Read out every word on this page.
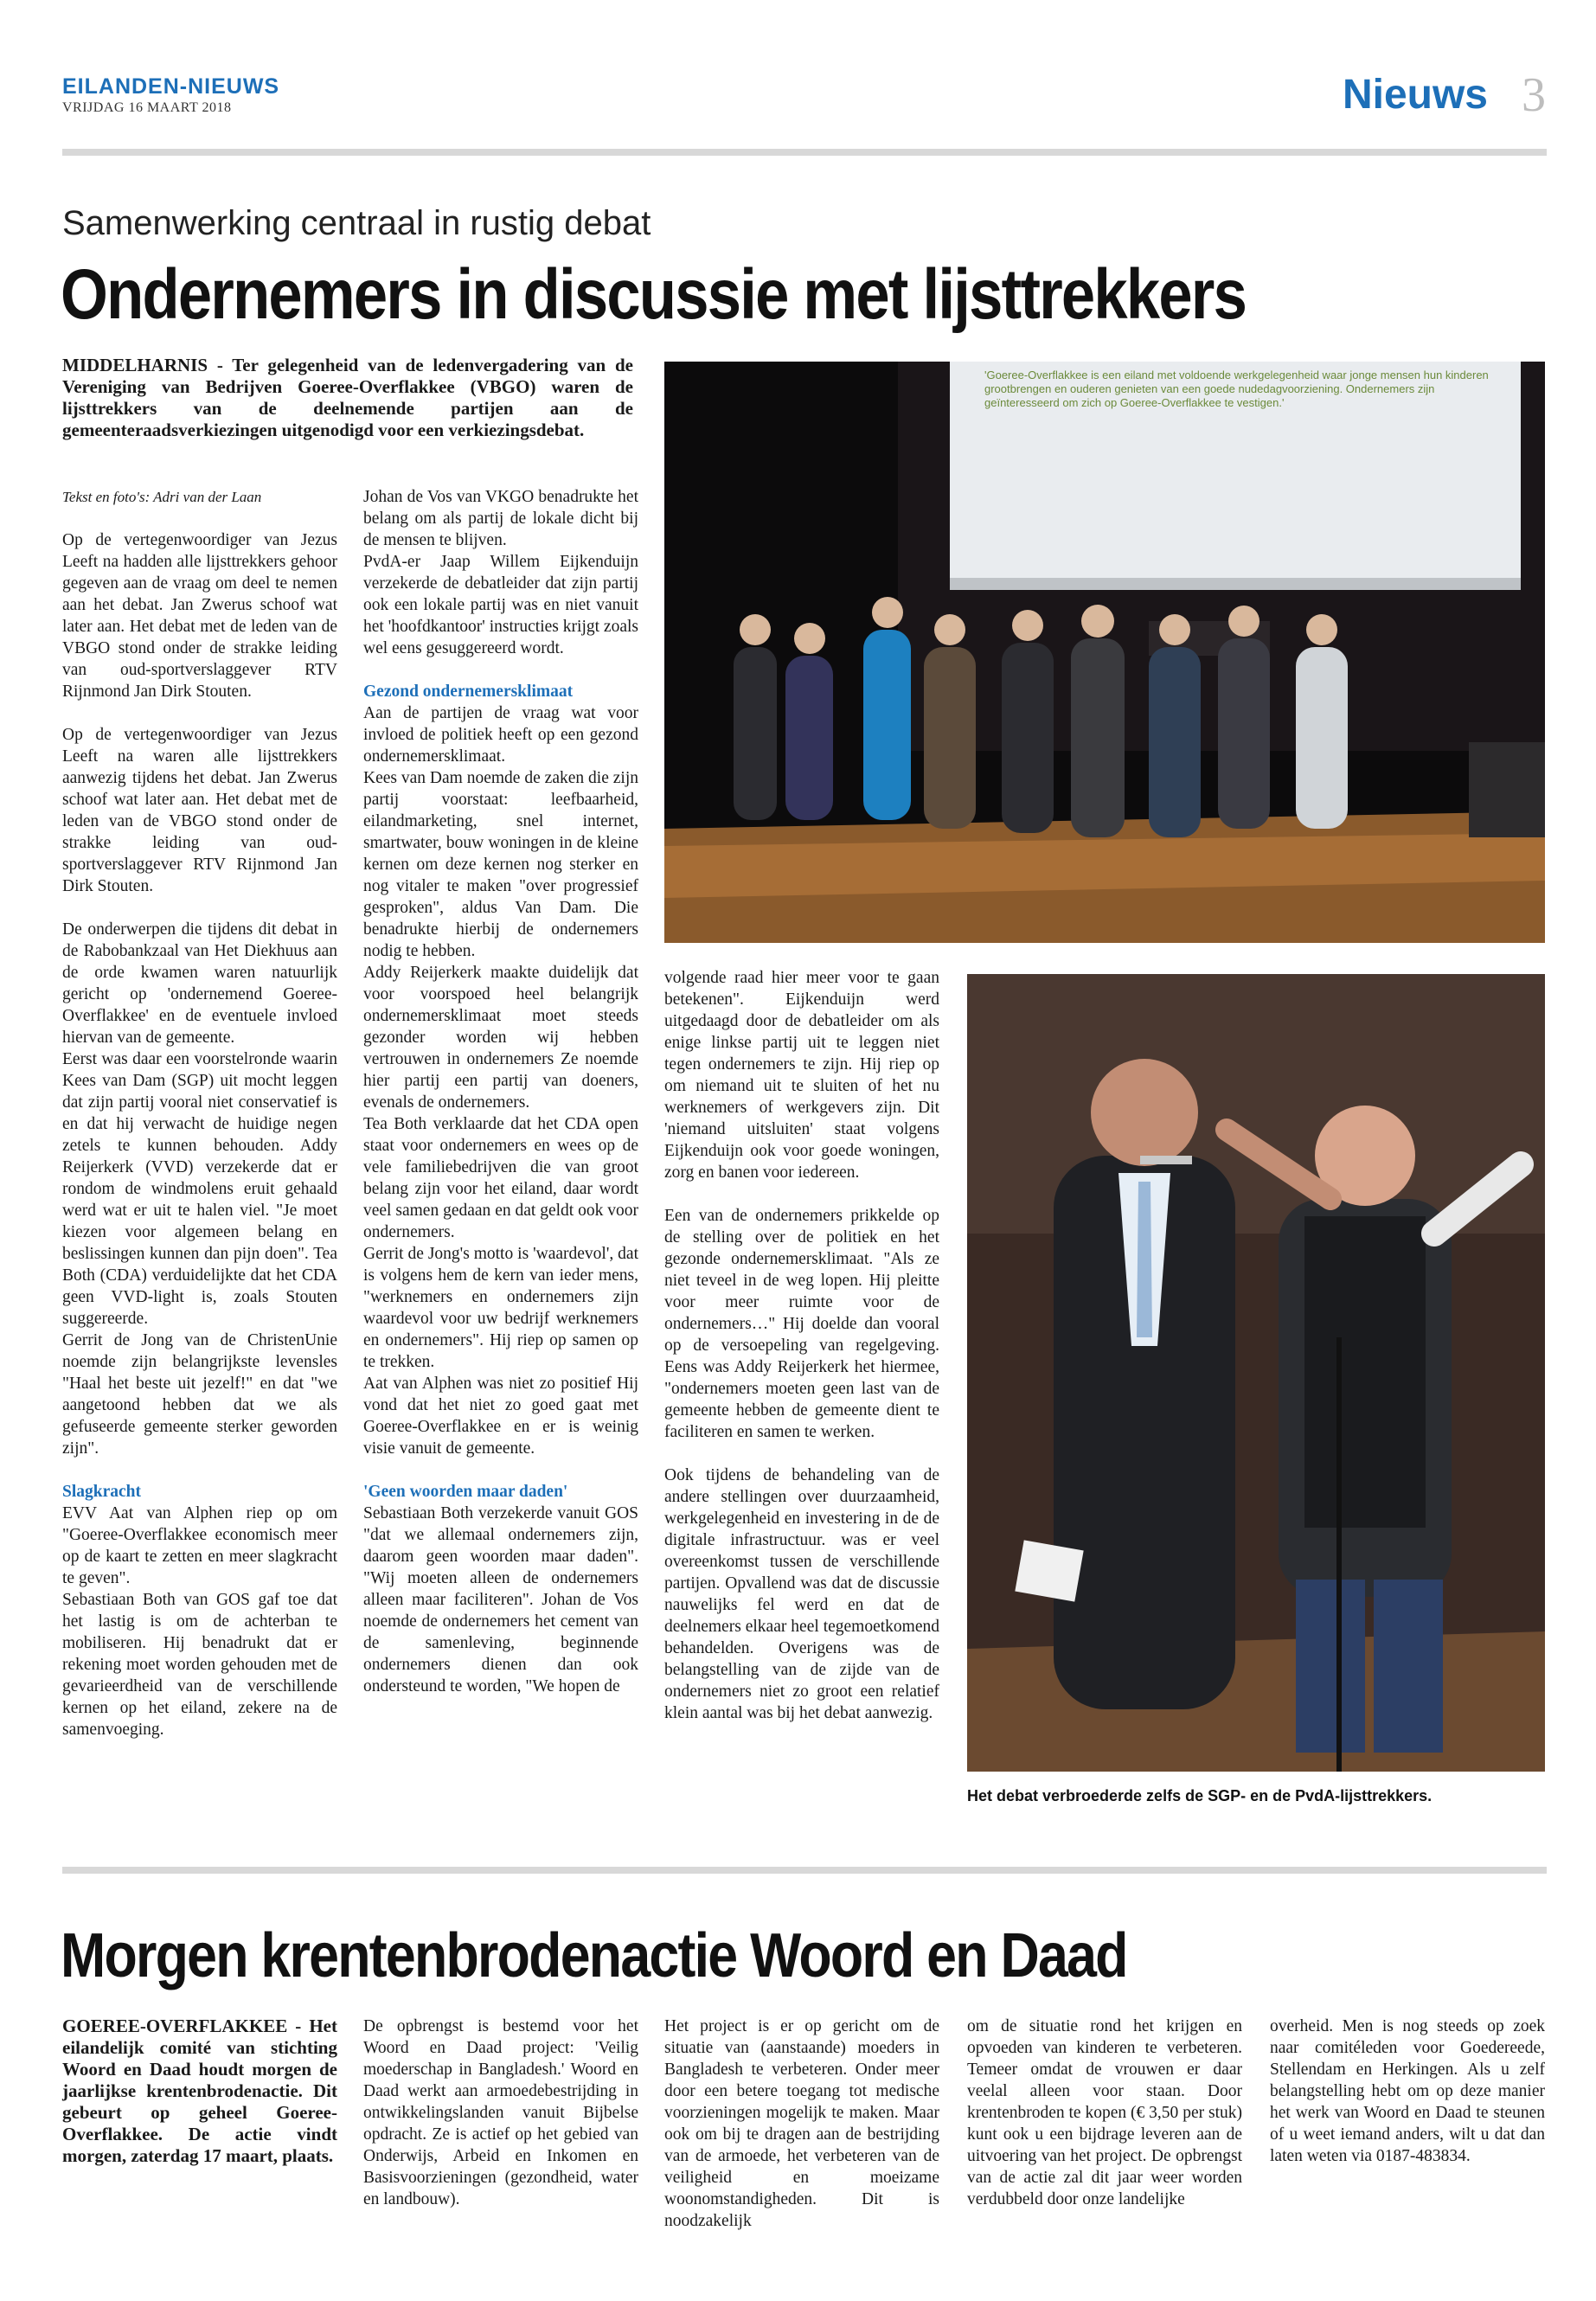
EILANDEN-NIEUWS
VRIJDAG 16 MAART 2018	Nieuws 3
Samenwerking centraal in rustig debat
Ondernemers in discussie met lijsttrekkers
MIDDELHARNIS - Ter gelegenheid van de ledenvergadering van de Vereniging van Bedrijven Goeree-Overflakkee (VBGO) waren de lijsttrekkers van de deelnemende partijen aan de gemeenteraadsverkiezingen uitgenodigd voor een verkiezingsdebat.

Tekst en foto's: Adri van der Laan

Op de vertegenwoordiger van Jezus Leeft na hadden alle lijsttrekkers gehoor gegeven aan de vraag om deel te nemen aan het debat. Jan Zwerus schoof wat later aan. Het debat met de leden van de VBGO stond onder de strakke leiding van oud-sportverslaggever RTV Rijnmond Jan Dirk Stouten.

Op de vertegenwoordiger van Jezus Leeft na waren alle lijsttrekkers aanwezig tijdens het debat. Jan Zwerus schoof wat later aan. Het debat met de leden van de VBGO stond onder de strakke leiding van oud-sportverslaggever RTV Rijnmond Jan Dirk Stouten.

De onderwerpen die tijdens dit debat in de Rabobankzaal van Het Diekhuus aan de orde kwamen waren natuurlijk gericht op 'ondernemend Goeree-Overflakkee' en de eventuele invloed hiervan van de gemeente.

Eerst was daar een voorstelronde waarin Kees van Dam (SGP) uit mocht leggen dat zijn partij vooral niet conservatief is en dat hij verwacht de huidige negen zetels te kunnen behouden. Addy Reijerkerk (VVD) verzekerde dat er rondom de windmolens eruit gehaald werd wat er uit te halen viel. "Je moet kiezen voor algemeen belang en beslissingen kunnen dan pijn doen". Tea Both (CDA) verduidelijkte dat het CDA geen VVD-light is, zoals Stouten suggereerde.

Gerrit de Jong van de ChristenUnie noemde zijn belangrijkste levensles "Haal het beste uit jezelf!" en dat "we aangetoond hebben dat we als gefuseerde gemeente sterker geworden zijn".

Slagkracht

EVV Aat van Alphen riep op om "Goeree-Overflakkee economisch meer op de kaart te zetten en meer slagkracht te geven".

Sebastiaan Both van GOS gaf toe dat het lastig is om de achterban te mobiliseren. Hij benadrukt dat er rekening moet worden gehouden met de gevarieerdheid van de verschillende kernen op het eiland, zekere na de samenvoeging.

Johan de Vos van VKGO benadrukte het belang om als partij de lokale dicht bij de mensen te blijven.

PvdA-er Jaap Willem Eijkenduijn verzekerde de debatleider dat zijn partij ook een lokale partij was en niet vanuit het 'hoofdkantoor' instructies krijgt zoals wel eens gesuggereerd wordt.

Gezond ondernemersklimaat

Aan de partijen de vraag wat voor invloed de politiek heeft op een gezond ondernemersklimaat.

Kees van Dam noemde de zaken die zijn partij voorstaat: leefbaarheid, eilandmarketing, snel internet, smartwater, bouw woningen in de kleine kernen om deze kernen nog sterker en nog vitaler te maken "over progressief gesproken", aldus Van Dam. Die benadrukte hierbij de ondernemers nodig te hebben.

Addy Reijerkerk maakte duidelijk dat voor voorspoed heel belangrijk ondernemersklimaat moet steeds gezonder worden wij hebben vertrouwen in ondernemers Ze noemde hier partij een partij van doeners, evenals de ondernemers.

Tea Both verklaarde dat het CDA open staat voor ondernemers en wees op de vele familiebedrijven die van groot belang zijn voor het eiland, daar wordt veel samen gedaan en dat geldt ook voor ondernemers.

Gerrit de Jong's motto is 'waardevol', dat is volgens hem de kern van ieder mens, "werknemers en ondernemers zijn waardevol voor uw bedrijf werknemers en ondernemers". Hij riep op samen op te trekken.

Aat van Alphen was niet zo positief Hij vond dat het niet zo goed gaat met Goeree-Overflakkee en er is weinig visie vanuit de gemeente.

'Geen woorden maar daden'

Sebastiaan Both verzekerde vanuit GOS "dat we allemaal ondernemers zijn, daarom geen woorden maar daden". "Wij moeten alleen de ondernemers alleen maar faciliteren". Johan de Vos noemde de ondernemers het cement van de samenleving, beginnende ondernemers dienen dan ook ondersteund te worden, "We hopen de

'Goeree-Overflakkee is een eiland met voldoende werkgelegenheid waar jonge mensen hun kinderen grootbrengen en ouderen genieten van een goede nudedagvoorziening. Ondernemers zijn geïnteresseerd om zich op Goeree-Overflakkee te vestigen.'

volgende raad hier meer voor te gaan betekenen". Eijkenduijn werd uitgedaagd door de debatleider om als enige linkse partij uit te leggen niet tegen ondernemers te zijn. Hij riep op om niemand uit te sluiten of het nu werknemers of werkgevers zijn. Dit 'niemand uitsluiten' staat volgens Eijkenduijn ook voor goede woningen, zorg en banen voor iedereen.

Een van de ondernemers prikkelde op de stelling over de politiek en het gezonde ondernemersklimaat. "Als ze niet teveel in de weg lopen. Hij pleitte voor meer ruimte voor de ondernemers…" Hij doelde dan vooral op de versoepeling van regelgeving. Eens was Addy Reijerkerk het hiermee, "ondernemers moeten geen last van de gemeente hebben de gemeente dient te faciliteren en samen te werken.

Ook tijdens de behandeling van de andere stellingen over duurzaamheid, werkgelegenheid en investering in de de digitale infrastructuur. was er veel overeenkomst tussen de verschillende partijen. Opvallend was dat de discussie nauwelijks fel werd en dat de deelnemers elkaar heel tegemoetkomend behandelden. Overigens was de belangstelling van de zijde van de ondernemers niet zo groot een relatief klein aantal was bij het debat aanwezig.

Het debat verbroederde zelfs de SGP- en de PvdA-lijsttrekkers.
Morgen krentenbrodenactie Woord en Daad
GOEREE-OVERFLAKKEE - Het eilandelijk comité van stichting Woord en Daad houdt morgen de jaarlijkse krentenbrodenactie. Dit gebeurt op geheel Goeree-Overflakkee. De actie vindt morgen, zaterdag 17 maart, plaats.

De opbrengst is bestemd voor het Woord en Daad project: 'Veilig moederschap in Bangladesh.' Woord en Daad werkt aan armoedebestrijding in ontwikkelingslanden vanuit Bijbelse opdracht. Ze is actief op het gebied van Onderwijs, Arbeid en Inkomen en Basisvoorzieningen (gezondheid, water en landbouw).

Het project is er op gericht om de situatie van (aanstaande) moeders in Bangladesh te verbeteren. Onder meer door een betere toegang tot medische voorzieningen mogelijk te maken. Maar ook om bij te dragen aan de bestrijding van de armoede, het verbeteren van de veiligheid en moeizame woonomstandigheden. Dit is noodzakelijk

om de situatie rond het krijgen en opvoeden van kinderen te verbeteren. Temeer omdat de vrouwen er daar veelal alleen voor staan. Door krentenbroden te kopen (€ 3,50 per stuk) kunt ook u een bijdrage leveren aan de uitvoering van het project. De opbrengst van de actie zal dit jaar weer worden verdubbeld door onze landelijke

overheid. Men is nog steeds op zoek naar comitéleden voor Goedereede, Stellendam en Herkingen. Als u zelf belangstelling hebt om op deze manier het werk van Woord en Daad te steunen of u weet iemand anders, wilt u dat dan laten weten via 0187-483834.
